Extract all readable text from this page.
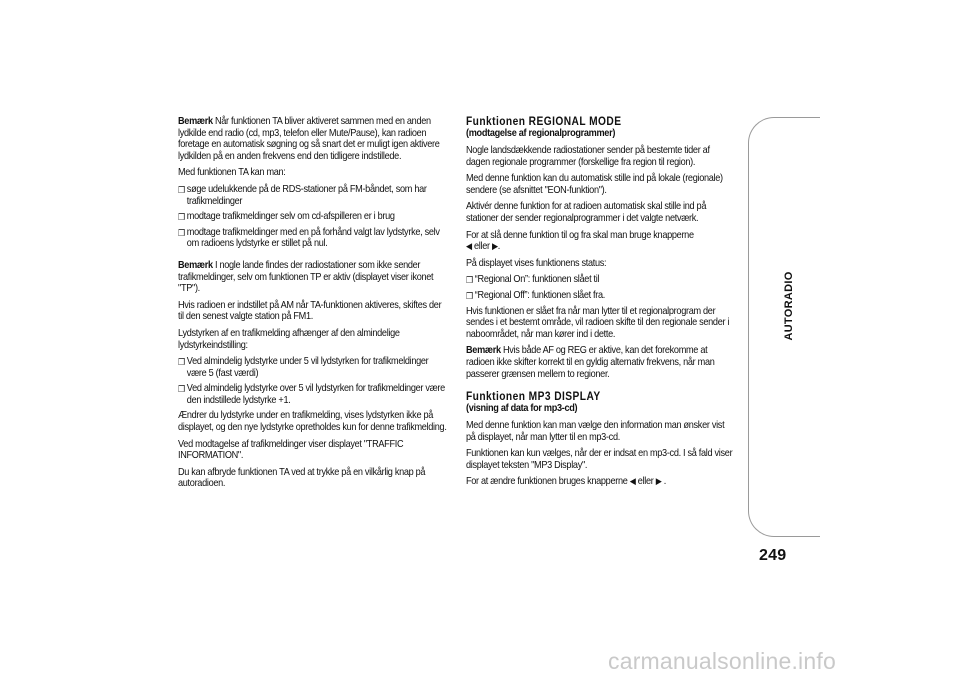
Bemærk Når funktionen TA bliver aktiveret sammen med en anden lydkilde end radio (cd, mp3, telefon eller Mute/Pause), kan radioen foretage en automatisk søgning og så snart det er muligt igen aktivere lydkilden på en anden frekvens end den tidligere indstillede.

Med funktionen TA kan man:

❒ søge udelukkende på de RDS-stationer på FM-båndet, som har trafikmeldinger

❒ modtage trafikmeldinger selv om cd-afspilleren er i brug

❒ modtage trafikmeldinger med en på forhånd valgt lav lydstyrke, selv om radioens lydstyrke er stillet på nul.

Bemærk I nogle lande findes der radiostationer som ikke sender trafikmeldinger, selv om funktionen TP er aktiv (displayet viser ikonet "TP").

Hvis radioen er indstillet på AM når TA-funktionen aktiveres, skiftes der til den senest valgte station på FM1.

Lydstyrken af en trafikmelding afhænger af den almindelige lydstyrkeindstilling:

❒ Ved almindelig lydstyrke under 5 vil lydstyrken for trafikmeldinger være 5 (fast værdi)

❒ Ved almindelig lydstyrke over 5 vil lydstyrken for trafikmeldinger være den indstillede lydstyrke +1.

Ændrer du lydstyrke under en trafikmelding, vises lydstyrken ikke på displayet, og den nye lydstyrke opretholdes kun for denne trafikmelding.

Ved modtagelse af trafikmeldinger viser displayet "TRAFFIC INFORMATION".

Du kan afbryde funktionen TA ved at trykke på en vilkårlig knap på autoradioen.

Funktionen REGIONAL MODE

(modtagelse af regionalprogrammer)

Nogle landsdækkende radiostationer sender på bestemte tider af dagen regionale programmer (forskellige fra region til region).

Med denne funktion kan du automatisk stille ind på lokale (regionale) sendere (se afsnittet "EON-funktion").

Aktivér denne funktion for at radioen automatisk skal stille ind på stationer der sender regionalprogrammer i det valgte netværk.

For at slå denne funktion til og fra skal man bruge knapperne
◀ eller ▶.

På displayet vises funktionens status:

❒ “Regional On”: funktionen slået til

❒ “Regional Off”: funktionen slået fra.

Hvis funktionen er slået fra når man lytter til et regionalprogram der sendes i et bestemt område, vil radioen skifte til den regionale sender i naboområdet, når man kører ind i dette.

Bemærk Hvis både AF og REG er aktive, kan det forekomme at radioen ikke skifter korrekt til en gyldig alternativ frekvens, når man passerer grænsen mellem to regioner.

Funktionen MP3 DISPLAY

(visning af data for mp3-cd)

Med denne funktion kan man vælge den information man ønsker vist på displayet, når man lytter til en mp3-cd.

Funktionen kan kun vælges, når der er indsat en mp3-cd. I så fald viser displayet teksten "MP3 Display".

For at ændre funktionen bruges knapperne ◀ eller ▶ .

AUTORADIO
249
carmanualsonline.info
